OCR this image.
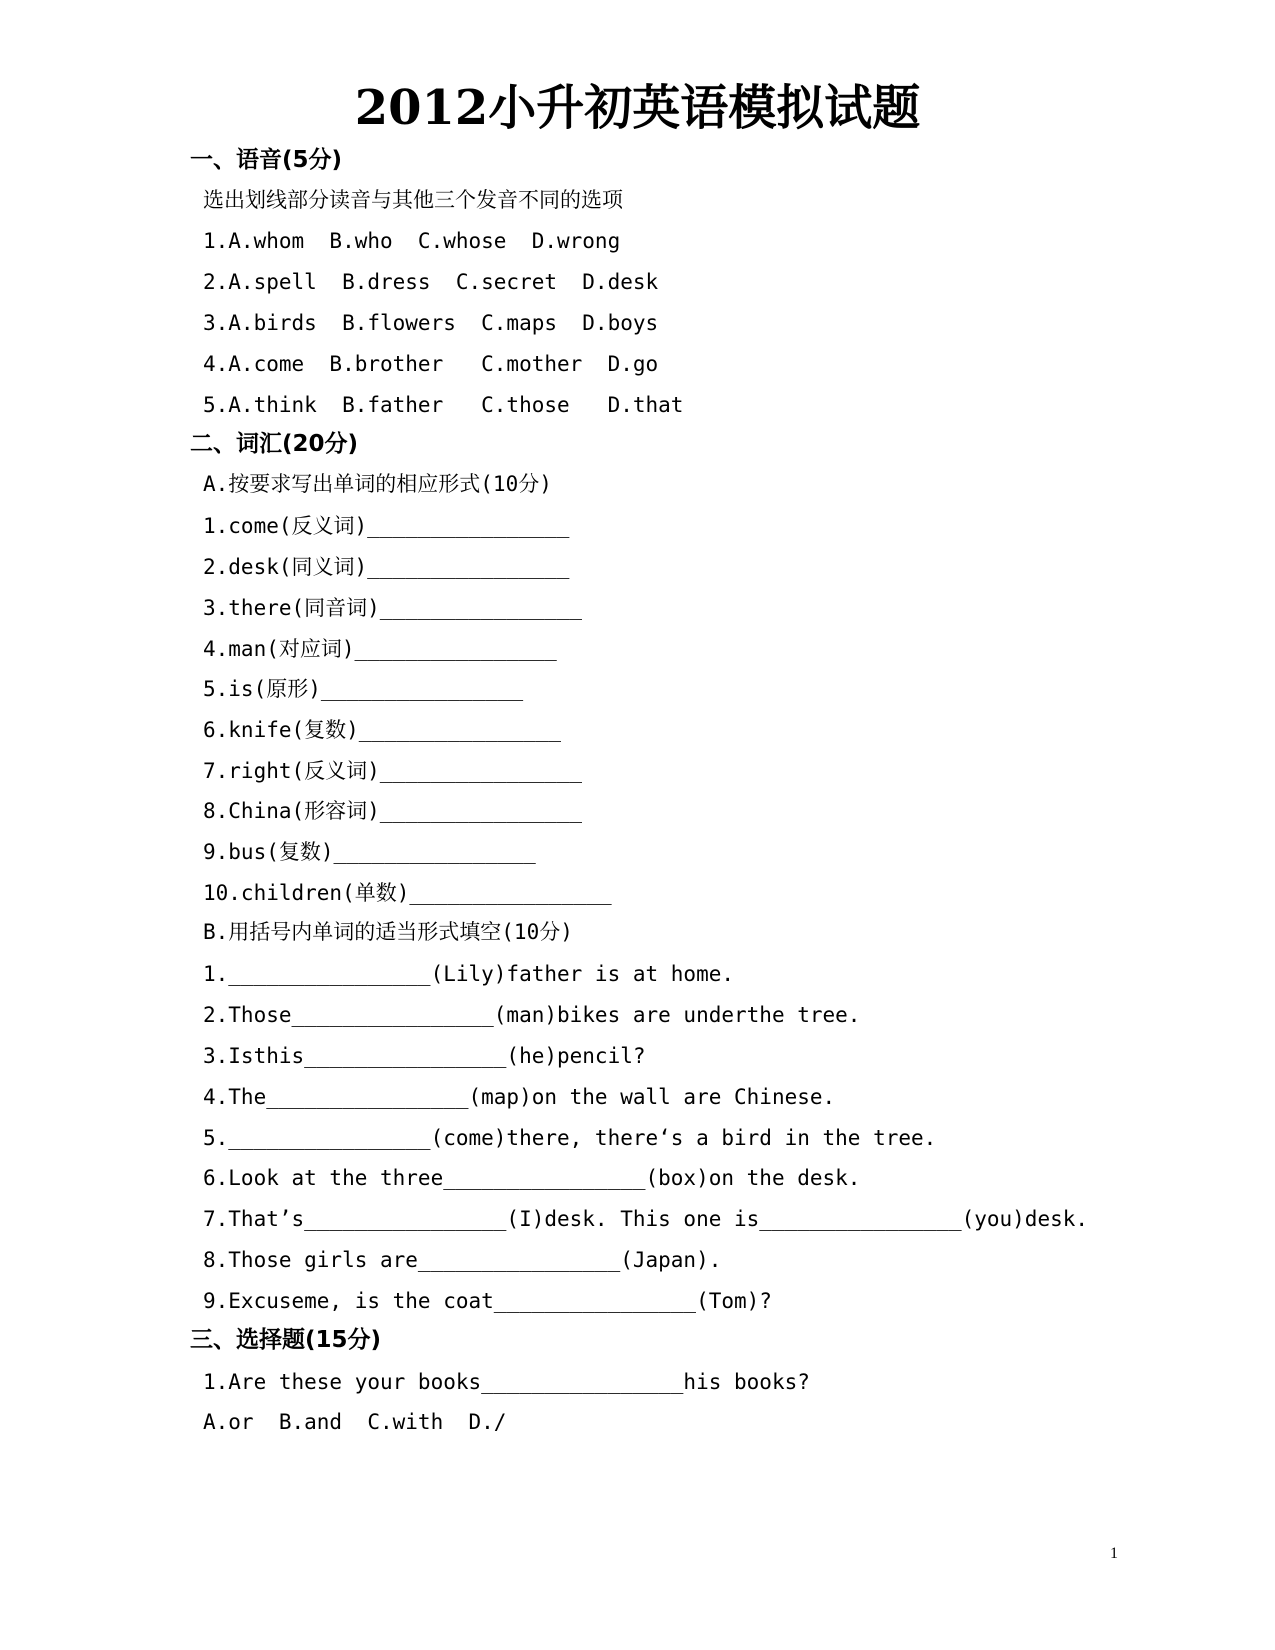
2012小升初英语模拟试题
一、语音(5分)
选出划线部分读音与其他三个发音不同的选项
1.A.whom  B.who  C.whose  D.wrong
2.A.spell  B.dress  C.secret  D.desk
3.A.birds  B.flowers  C.maps  D.boys
4.A.come  B.brother   C.mother  D.go
5.A.think  B.father   C.those   D.that
二、词汇(20分)
A.按要求写出单词的相应形式(10分)
1.come(反义词)________________
2.desk(同义词)________________
3.there(同音词)________________
4.man(对应词)________________
5.is(原形)________________
6.knife(复数)________________
7.right(反义词)________________
8.China(形容词)________________
9.bus(复数)________________
10.children(单数)________________
B.用括号内单词的适当形式填空(10分)
1.________________(Lily)father is at home.
2.Those________________(man)bikes are underthe tree.
3.Isthis________________(he)pencil?
4.The________________(map)on the wall are Chinese.
5.________________(come)there, there‘s a bird in the tree.
6.Look at the three________________(box)on the desk.
7.That’s________________(I)desk. This one is________________(you)desk.
8.Those girls are________________(Japan).
9.Excuseme, is the coat________________(Tom)?
三、选择题(15分)
1.Are these your books________________his books?
A.or  B.and  C.with  D./
1
